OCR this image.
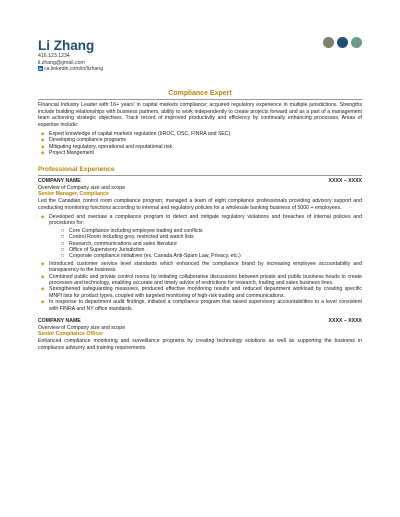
Li Zhang
416.123.1234
li.zhang@gmail.com
in ca.linkedin.com/in/lizhang
Compliance Expert

Financial Industry Leader with 16+ years' in capital markets compliance; acquired regulatory experience in multiple jurisdictions. Strengths include building relationships with business partners, ability to work independently to create projects forward and as a part of a management team achieving strategic objectives. Track record of improved productivity and efficiency by continually enhancing processes. Areas of expertise include:

◆ Expert knowledge of capital markets regulation (IIROC, OSC, FINRA and SEC)
◆ Developing compliance programs
◆ Mitigating regulatory, operational and reputational risk
◆ Project Mangement
Professional Experience
COMPANY NAME	XXXX – XXXX
Overview of Company size and scope
Senior Manager, Compliance

Led the Canadian control room compliance program; managed a team of eight compliance professionals providing advisory support and conducting monitoring functions according to internal and regulatory policies for a wholesale banking business of 5000 + employees.

◆ Developed and oversaw a compliance program to detect and mitigate regulatory violations and breaches of internal policies and procedures for:
□ Core Compliance including employee trading and conflicts
□ Control Room including grey, restricted and watch lists
□ Research, communications and sales literature
□ Office of Supervisory Jurisdiction
□ Corporate compliance initiatives (ex. Canada Anti-Spam Law, Privacy, etc.)
◆ Introduced customer service level standards which enhanced the compliance brand by increasing employee accountability and transparency to the business.
◆ Combined public and private control rooms by initiating collaborative discussions between private and public business heads to create processes and technology, enabling accurate and timely advice of restrictions for research, trading and sales business lines.
◆ Strengthened safeguarding measures, produced effective monitoring results and reduced department workload by creating specific MNPI lists for product types, coupled with targeted monitoring of high-risk trading and communications.
◆ In response to department audit findings, initiated a compliance program that raised supervisory accountabilities to a level consistent with FINRA and NY office standards.
COMPANY NAME	XXXX – XXXX
Overview of Company size and scope
Senior Compliance Officer

Enhanced compliance monitoring and surveillance programs by creating technology solutions as well as supporting the business in compliance advisory and training requirements.
